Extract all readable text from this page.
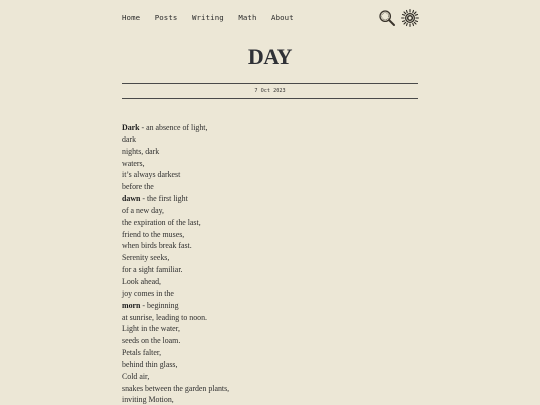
Home Posts Writing Math About
DAY
7 Oct 2023
Dark - an absence of light,
dark
nights, dark
waters,
it’s always darkest
before the
dawn - the first light
of a new day,
the expiration of the last,
friend to the muses,
when birds break fast.
Serenity seeks,
for a sight familiar.
Look ahead,
joy comes in the
morn - beginning
at sunrise, leading to noon.
Light in the water,
seeds on the loam.
Petals falter,
behind thin glass,
Cold air,
snakes between the garden plants,
inviting Motion,
